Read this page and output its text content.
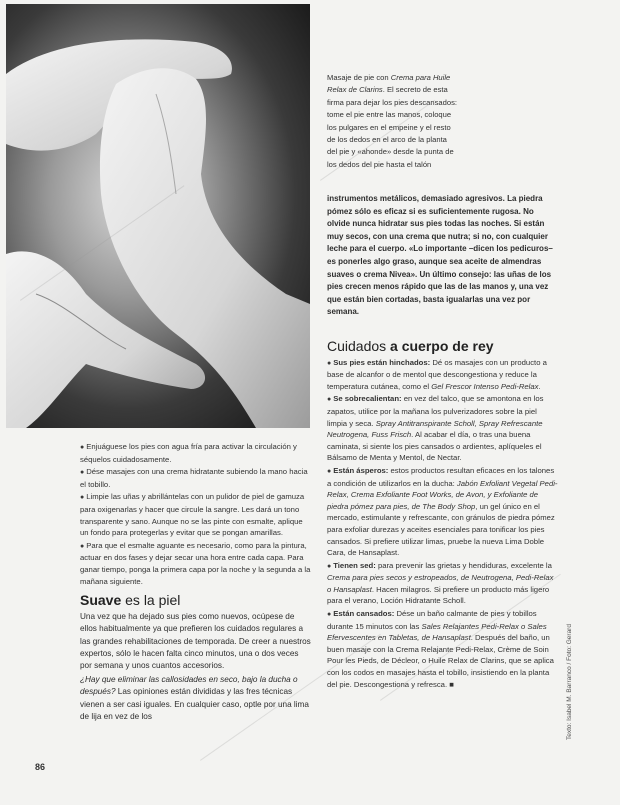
Masaje de pie con Crema para Huile Relax de Clarins. El secreto de esta firma para dejar los pies descansados: tome el pie entre las manos, coloque los pulgares en el empeine y el resto de los dedos en el arco de la planta del pie y «ahonde» desde la punta de los dedos del pie hasta el talón

instrumentos metálicos, demasiado agresivos. La piedra pómez sólo es eficaz si es suficientemente rugosa. No olvide nunca hidratar sus pies todas las noches. Si están muy secos, con una crema que nutra; si no, con cualquier leche para el cuerpo. «Lo importante –dicen los pedicuros– es ponerles algo graso, aunque sea aceite de almendras suaves o crema Nivea». Un último consejo: las uñas de los pies crecen menos rápido que las de las manos y, una vez que están bien cortadas, basta igualarlas una vez por semana.

Cuidados a cuerpo de rey

● Sus pies están hinchados: Dé os masajes con un producto a base de alcanfor o de mentol que descongestiona y reduce la temperatura cutánea, como el Gel Frescor Intenso Pedi-Relax.

● Se sobrecalientan: en vez del talco, que se amontona en los zapatos, utilice por la mañana los pulverizadores sobre la piel limpia y seca. Spray Antitranspirante Scholl, Spray Refrescante Neutrogena, Fuss Frisch. Al acabar el día, o tras una buena caminata, si siente los pies cansados o ardientes, aplíqueles el Bálsamo de Menta y Mentol, de Nectar.

● Están ásperos: estos productos resultan eficaces en los talones a condición de utilizarlos en la ducha: Jabón Exfoliant Vegetal Pedi-Relax, Crema Exfoliante Foot Works, de Avon, y Exfoliante de piedra pómez para pies, de The Body Shop, un gel único en el mercado, estimulante y refrescante, con gránulos de piedra pómez para exfoliar durezas y aceites esenciales para tonificar los pies cansados. Si prefiere utilizar limas, pruebe la nueva Lima Doble Cara, de Hansaplast.

● Tienen sed: para prevenir las grietas y hendiduras, excelente la Crema para pies secos y estropeados, de Neutrogena, Pedi-Relax o Hansaplast. Hacen milagros. Si prefiere un producto más ligero para el verano, Loción Hidratante Scholl.

● Están cansados: Dése un baño calmante de pies y tobillos durante 15 minutos con las Sales Relajantes Pedi-Relax o Sales Efervescentes en Tabletas, de Hansaplast. Después del baño, un buen masaje con la Crema Relajante Pedi-Relax, Crème de Soin Pour les Pieds, de Décleor, o Huile Relax de Clarins, que se aplica con los codos en masajes hasta el tobillo, insistiendo en la planta del pie. Descongestiona y refresca. ■

● Enjuáguese los pies con agua fría para activar la circulación y séquelos cuidadosamente.

● Dése masajes con una crema hidratante subiendo la mano hacia el tobillo.

● Limpie las uñas y abrillántelas con un pulidor de piel de gamuza para oxigenarlas y hacer que circule la sangre. Les dará un tono transparente y sano. Aunque no se las pinte con esmalte, aplique un fondo para protegerlas y evitar que se pongan amarillas.

● Para que el esmalte aguante es necesario, como para la pintura, actuar en dos fases y dejar secar una hora entre cada capa. Para ganar tiempo, ponga la primera capa por la noche y la segunda a la mañana siguiente.

Suave es la piel

Una vez que ha dejado sus pies como nuevos, ocúpese de ellos habitualmente ya que prefieren los cuidados regulares a las grandes rehabilitaciones de temporada. De creer a nuestros expertos, sólo le hacen falta cinco minutos, una o dos veces por semana y unos cuantos accesorios.

¿Hay que eliminar las callosidades en seco, bajo la ducha o después? Las opiniones están divididas y las fres técnicas vienen a ser casi iguales. En cualquier caso, optle por una lima de lija en vez de los

86
Texto: Isabel M. Barranco / Foto: Gerard
